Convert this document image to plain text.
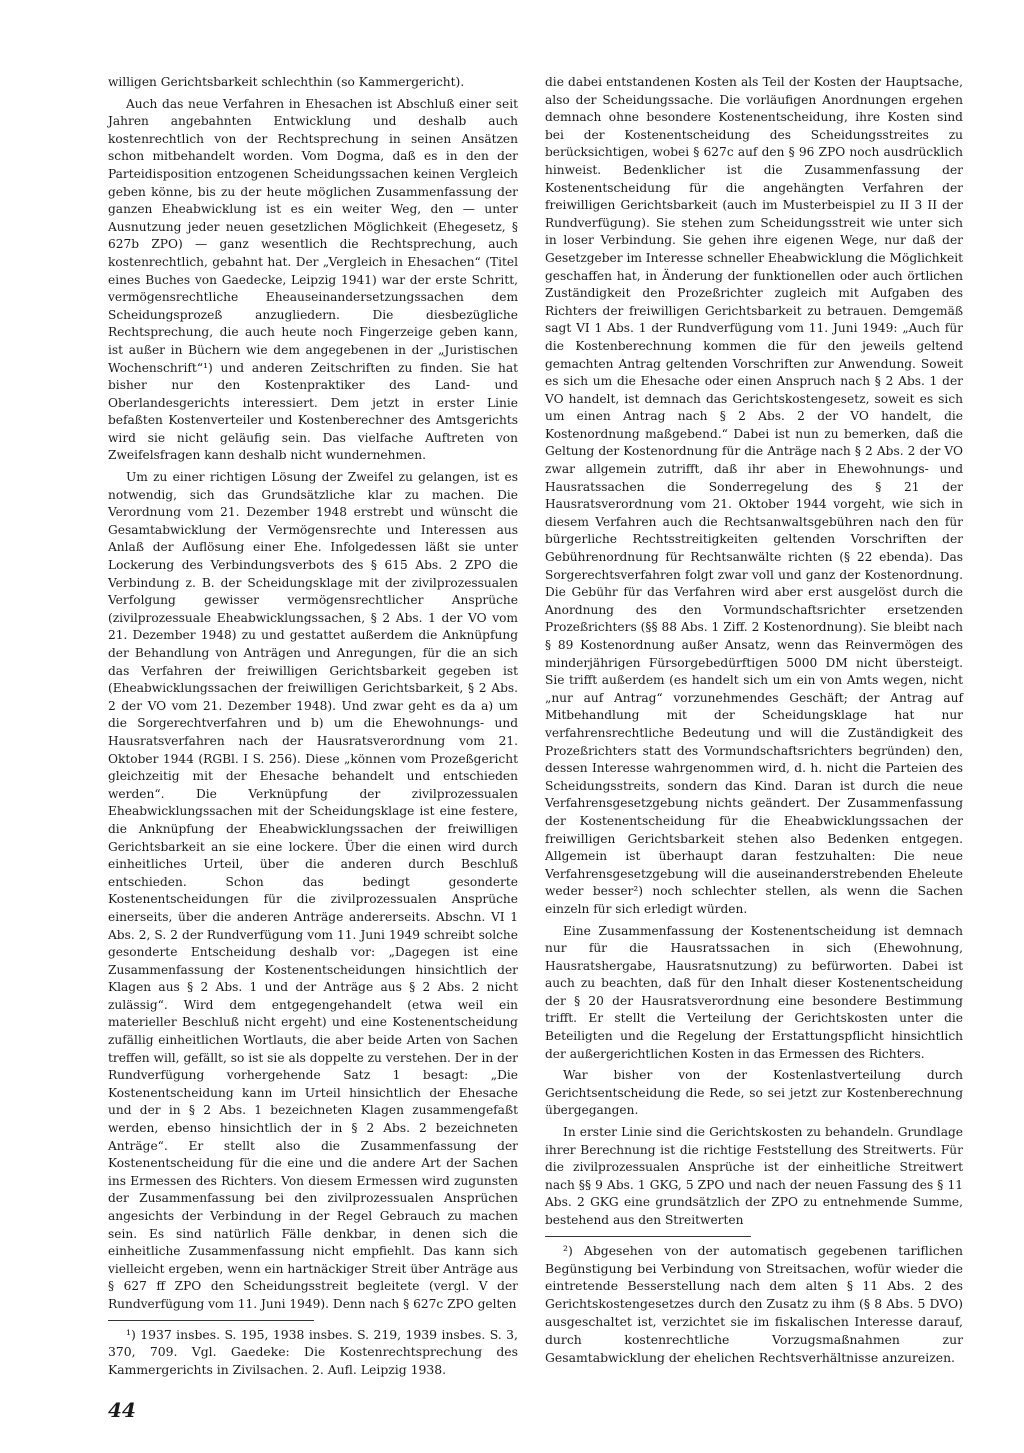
willigen Gerichtsbarkeit schlechthin (so Kammergericht).

Auch das neue Verfahren in Ehesachen ist Abschluß einer seit Jahren angebahnten Entwicklung und deshalb auch kostenrechtlich von der Rechtsprechung in seinen Ansätzen schon mitbehandelt worden. Vom Dogma, daß es in den der Parteidisposition entzogenen Scheidungssachen keinen Vergleich geben könne, bis zu der heute möglichen Zusammenfassung der ganzen Eheabwicklung ist es ein weiter Weg, den — unter Ausnutzung jeder neuen gesetzlichen Möglichkeit (Ehegesetz, § 627b ZPO) — ganz wesentlich die Rechtsprechung, auch kostenrechtlich, gebahnt hat. Der „Vergleich in Ehesachen“ (Titel eines Buches von Gaedecke, Leipzig 1941) war der erste Schritt, vermögensrechtliche Eheauseinandersetzungssachen dem Scheidungsprozeß anzugliedern. Die diesbezügliche Rechtsprechung, die auch heute noch Fingerzeige geben kann, ist außer in Büchern wie dem angegebenen in der „Juristischen Wochenschrift“¹) und anderen Zeitschriften zu finden. Sie hat bisher nur den Kostenpraktiker des Land- und Oberlandesgerichts interessiert. Dem jetzt in erster Linie befaßten Kostenverteiler und Kostenberechner des Amtsgerichts wird sie nicht geläufig sein. Das vielfache Auftreten von Zweifelsfragen kann deshalb nicht wundernehmen.

Um zu einer richtigen Lösung der Zweifel zu gelangen, ist es notwendig, sich das Grundsätzliche klar zu machen. Die Verordnung vom 21. Dezember 1948 erstrebt und wünscht die Gesamtabwicklung der Vermögensrechte und Interessen aus Anlaß der Auflösung einer Ehe. Infolgedessen läßt sie unter Lockerung des Verbindungsverbots des § 615 Abs. 2 ZPO die Verbindung z. B. der Scheidungsklage mit der zivilprozessualen Verfolgung gewisser vermögensrechtlicher Ansprüche (zivilprozessuale Eheabwicklungssachen, § 2 Abs. 1 der VO vom 21. Dezember 1948) zu und gestattet außerdem die Anknüpfung der Behandlung von Anträgen und Anregungen, für die an sich das Verfahren der freiwilligen Gerichtsbarkeit gegeben ist (Eheabwicklungssachen der freiwilligen Gerichtsbarkeit, § 2 Abs. 2 der VO vom 21. Dezember 1948). Und zwar geht es da a) um die Sorgerechtverfahren und b) um die Ehewohnungs- und Hausratsverfahren nach der Hausratsverordnung vom 21. Oktober 1944 (RGBl. I S. 256). Diese „können vom Prozeßgericht gleichzeitig mit der Ehesache behandelt und entschieden werden“. Die Verknüpfung der zivilprozessualen Eheabwicklungssachen mit der Scheidungsklage ist eine festere, die Anknüpfung der Eheabwicklungssachen der freiwilligen Gerichtsbarkeit an sie eine lockere. Über die einen wird durch einheitliches Urteil, über die anderen durch Beschluß entschieden. Schon das bedingt gesonderte Kostenentscheidungen für die zivilprozessualen Ansprüche einerseits, über die anderen Anträge andererseits. Abschn. VI 1 Abs. 2, S. 2 der Rundverfügung vom 11. Juni 1949 schreibt solche gesonderte Entscheidung deshalb vor: „Dagegen ist eine Zusammenfassung der Kostenentscheidungen hinsichtlich der Klagen aus § 2 Abs. 1 und der Anträge aus § 2 Abs. 2 nicht zulässig“. Wird dem entgegengehandelt (etwa weil ein materieller Beschluß nicht ergeht) und eine Kostenentscheidung zufällig einheitlichen Wortlauts, die aber beide Arten von Sachen treffen will, gefällt, so ist sie als doppelte zu verstehen. Der in der Rundverfügung vorhergehende Satz 1 besagt: „Die Kostenentscheidung kann im Urteil hinsichtlich der Ehesache und der in § 2 Abs. 1 bezeichneten Klagen zusammengefaßt werden, ebenso hinsichtlich der in § 2 Abs. 2 bezeichneten Anträge“. Er stellt also die Zusammenfassung der Kostenentscheidung für die eine und die andere Art der Sachen ins Ermessen des Richters. Von diesem Ermessen wird zugunsten der Zusammenfassung bei den zivilprozessualen Ansprüchen angesichts der Verbindung in der Regel Gebrauch zu machen sein. Es sind natürlich Fälle denkbar, in denen sich die einheitliche Zusammenfassung nicht empfiehlt. Das kann sich vielleicht ergeben, wenn ein hartnäckiger Streit über Anträge aus § 627 ff ZPO den Scheidungsstreit begleitete (vergl. V der Rundverfügung vom 11. Juni 1949). Denn nach § 627c ZPO gelten

¹) 1937 insbes. S. 195, 1938 insbes. S. 219, 1939 insbes. S. 3, 370, 709. Vgl. Gaedeke: Die Kostenrechtsprechung des Kammergerichts in Zivilsachen. 2. Aufl. Leipzig 1938.

die dabei entstandenen Kosten als Teil der Kosten der Hauptsache, also der Scheidungssache. Die vorläufigen Anordnungen ergehen demnach ohne besondere Kostenentscheidung, ihre Kosten sind bei der Kostenentscheidung des Scheidungsstreites zu berücksichtigen, wobei § 627c auf den § 96 ZPO noch ausdrücklich hinweist. Bedenklicher ist die Zusammenfassung der Kostenentscheidung für die angehängten Verfahren der freiwilligen Gerichtsbarkeit (auch im Musterbeispiel zu II 3 II der Rundverfügung). Sie stehen zum Scheidungsstreit wie unter sich in loser Verbindung. Sie gehen ihre eigenen Wege, nur daß der Gesetzgeber im Interesse schneller Eheabwicklung die Möglichkeit geschaffen hat, in Änderung der funktionellen oder auch örtlichen Zuständigkeit den Prozeßrichter zugleich mit Aufgaben des Richters der freiwilligen Gerichtsbarkeit zu betrauen. Demgemäß sagt VI 1 Abs. 1 der Rundverfügung vom 11. Juni 1949: „Auch für die Kostenberechnung kommen die für den jeweils geltend gemachten Antrag geltenden Vorschriften zur Anwendung. Soweit es sich um die Ehesache oder einen Anspruch nach § 2 Abs. 1 der VO handelt, ist demnach das Gerichtskostengesetz, soweit es sich um einen Antrag nach § 2 Abs. 2 der VO handelt, die Kostenordnung maßgebend.“ Dabei ist nun zu bemerken, daß die Geltung der Kostenordnung für die Anträge nach § 2 Abs. 2 der VO zwar allgemein zutrifft, daß ihr aber in Ehewohnungs- und Hausratssachen die Sonderregelung des § 21 der Hausratsverordnung vom 21. Oktober 1944 vorgeht, wie sich in diesem Verfahren auch die Rechtsanwaltsgebühren nach den für bürgerliche Rechtsstreitigkeiten geltenden Vorschriften der Gebührenordnung für Rechtsanwälte richten (§ 22 ebenda). Das Sorgerechtsverfahren folgt zwar voll und ganz der Kostenordnung. Die Gebühr für das Verfahren wird aber erst ausgelöst durch die Anordnung des den Vormundschaftsrichter ersetzenden Prozeßrichters (§§ 88 Abs. 1 Ziff. 2 Kostenordnung). Sie bleibt nach § 89 Kostenordnung außer Ansatz, wenn das Reinvermögen des minderjährigen Fürsorgebedürftigen 5000 DM nicht übersteigt. Sie trifft außerdem (es handelt sich um ein von Amts wegen, nicht „nur auf Antrag“ vorzunehmendes Geschäft; der Antrag auf Mitbehandlung mit der Scheidungsklage hat nur verfahrensrechtliche Bedeutung und will die Zuständigkeit des Prozeßrichters statt des Vormundschaftsrichters begründen) den, dessen Interesse wahrgenommen wird, d. h. nicht die Parteien des Scheidungsstreits, sondern das Kind. Daran ist durch die neue Verfahrensgesetzgebung nichts geändert. Der Zusammenfassung der Kostenentscheidung für die Eheabwicklungssachen der freiwilligen Gerichtsbarkeit stehen also Bedenken entgegen. Allgemein ist überhaupt daran festzuhalten: Die neue Verfahrensgesetzgebung will die auseinanderstrebenden Eheleute weder besser²) noch schlechter stellen, als wenn die Sachen einzeln für sich erledigt würden.

Eine Zusammenfassung der Kostenentscheidung ist demnach nur für die Hausratssachen in sich (Ehewohnung, Hausratshergabe, Hausratsnutzung) zu befürworten. Dabei ist auch zu beachten, daß für den Inhalt dieser Kostenentscheidung der § 20 der Hausratsverordnung eine besondere Bestimmung trifft. Er stellt die Verteilung der Gerichtskosten unter die Beteiligten und die Regelung der Erstattungspflicht hinsichtlich der außergerichtlichen Kosten in das Ermessen des Richters.

War bisher von der Kostenlastverteilung durch Gerichtsentscheidung die Rede, so sei jetzt zur Kostenberechnung übergegangen.

In erster Linie sind die Gerichtskosten zu behandeln. Grundlage ihrer Berechnung ist die richtige Feststellung des Streitwerts. Für die zivilprozessualen Ansprüche ist der einheitliche Streitwert nach §§ 9 Abs. 1 GKG, 5 ZPO und nach der neuen Fassung des § 11 Abs. 2 GKG eine grundsätzlich der ZPO zu entnehmende Summe, bestehend aus den Streitwerten

²) Abgesehen von der automatisch gegebenen tariflichen Begünstigung bei Verbindung von Streitsachen, wofür wieder die eintretende Besserstellung nach dem alten § 11 Abs. 2 des Gerichtskostengesetzes durch den Zusatz zu ihm (§ 8 Abs. 5 DVO) ausgeschaltet ist, verzichtet sie im fiskalischen Interesse darauf, durch kostenrechtliche Vorzugsmaßnahmen zur Gesamtabwicklung der ehelichen Rechtsverhältnisse anzureizen.

44
